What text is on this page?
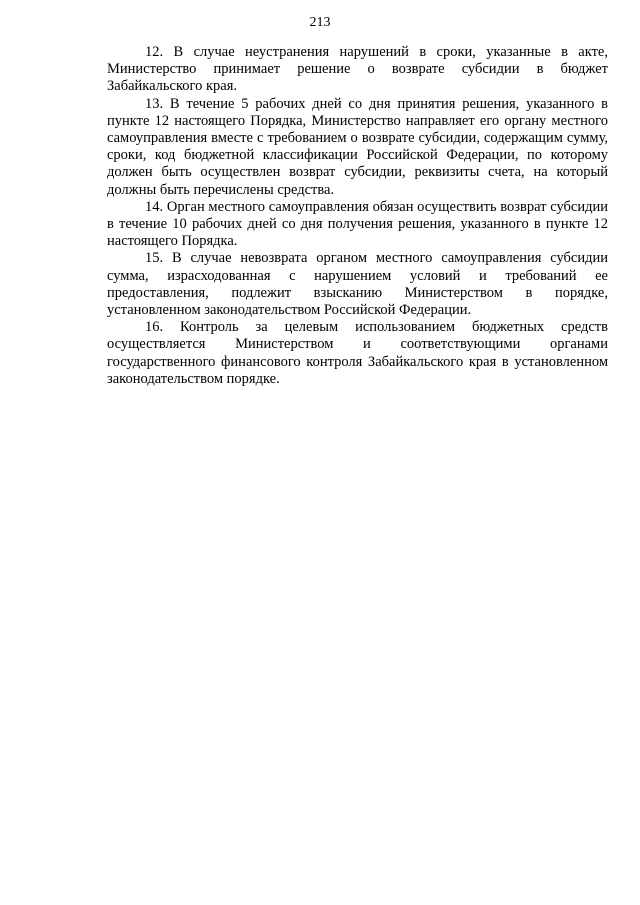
213

12. В случае неустранения нарушений в сроки, указанные в акте, Министерство принимает решение о возврате субсидии в бюджет Забайкальского края.

13. В течение 5 рабочих дней со дня принятия решения, указанного в пункте 12 настоящего Порядка, Министерство направляет его органу местного самоуправления вместе с требованием о возврате субсидии, содержащим сумму, сроки, код бюджетной классификации Российской Федерации, по которому должен быть осуществлен возврат субсидии, реквизиты счета, на который должны быть перечислены средства.

14. Орган местного самоуправления обязан осуществить возврат субсидии в течение 10 рабочих дней со дня получения решения, указанного в пункте 12 настоящего Порядка.

15. В случае невозврата органом местного самоуправления субсидии сумма, израсходованная с нарушением условий и требований ее предоставления, подлежит взысканию Министерством в порядке, установленном законодательством Российской Федерации.

16. Контроль за целевым использованием бюджетных средств осуществляется Министерством и соответствующими органами государственного финансового контроля Забайкальского края в установленном законодательством порядке.
